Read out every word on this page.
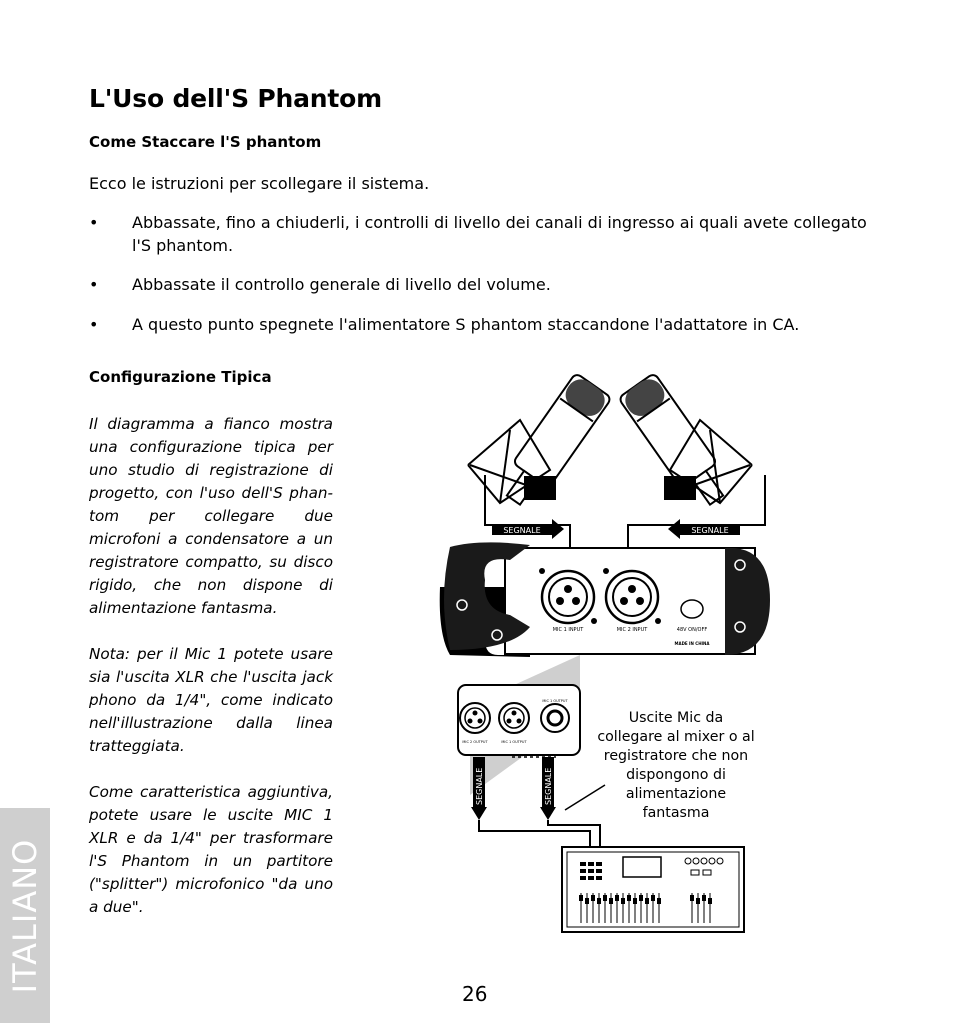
L'Uso dell'S Phantom
Come Staccare l'S phantom

Ecco le istruzioni per scollegare il sistema.

• Abbassate, fino a chiuderli, i controlli di livello dei canali di ingresso ai quali avete collegato l'S phantom.
• Abbassate il controllo generale di livello del volume.
• A questo punto spegnete l'alimentatore S phantom staccandone l'adattatore in CA.
Configurazione Tipica

Il diagramma a fianco mostra una configurazione tipica per uno studio di registrazione di progetto, con l'uso dell'S phantom per collegare due microfoni a condensatore a un registratore compatto, su disco rigido, che non dispone di alimentazione fantasma.

Nota: per il Mic 1 potete usare sia l'uscita XLR che l'uscita jack phono da 1/4", come indicato nell'illustrazione dalla linea tratteggiata.

Come caratteristica aggiuntiva, potete usare le uscite MIC 1 XLR e da 1/4" per trasformare l'S Phantom in un partitore ("splitter") microfonico "da uno a due".

SEGNALE	SEGNALE
MIC 1 INPUT	MIC 2 INPUT	48V ON/OFF
MADE IN CHINA
MIC 2 OUTPUT	MIC 1 OUTPUT
MIC 1 OUTPUT
SEGNALE	SEGNALE
Uscite Mic da collegare al mixer o al registratore che non dispongono di alimentazione fantasma
ITALIANO
26
